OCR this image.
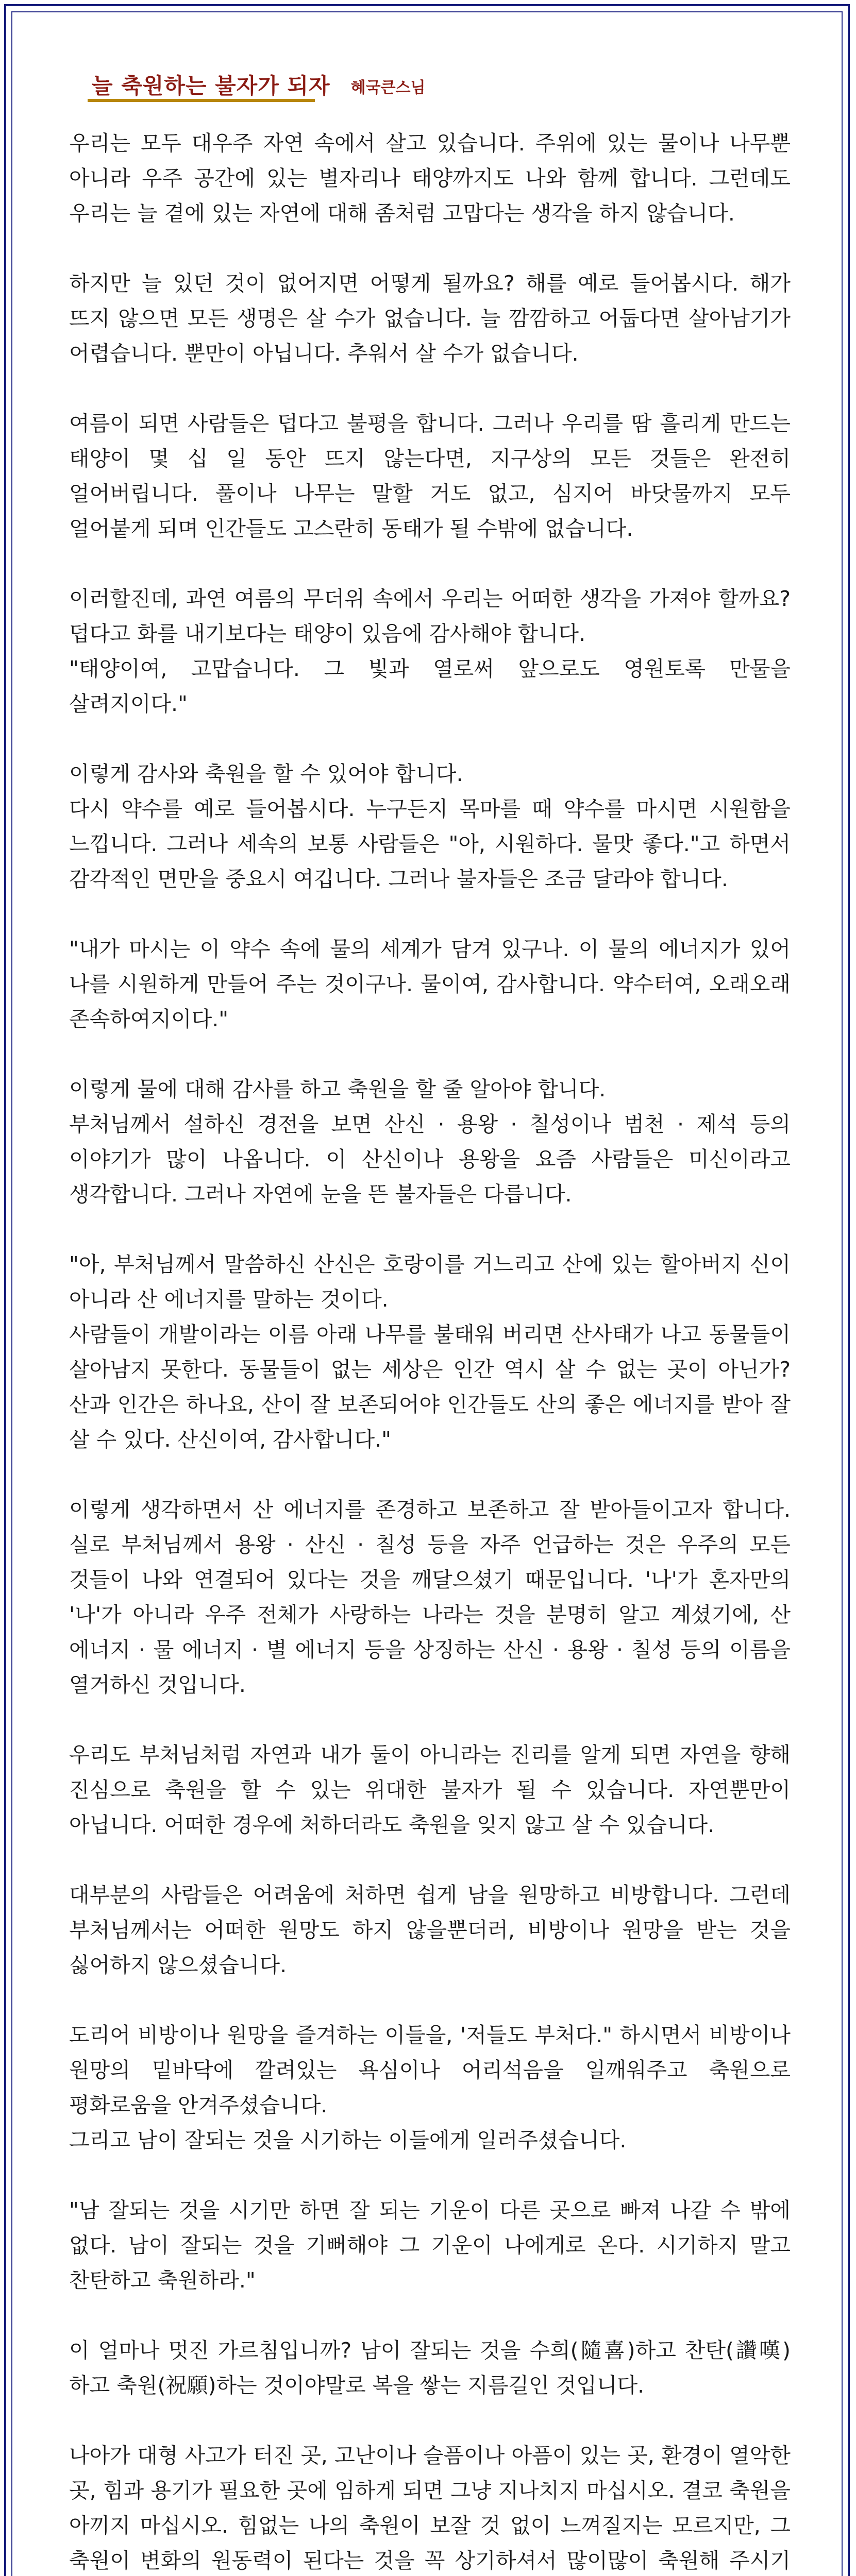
늘 축원하는 불자가 되자 혜국큰스님
우리는 모두 대우주 자연 속에서 살고 있습니다. 주위에 있는 물이나 나무뿐 아니라 우주 공간에 있는 별자리나 태양까지도 나와 함께 합니다. 그런데도 우리는 늘 곁에 있는 자연에 대해 좀처럼 고맙다는 생각을 하지 않습니다.
하지만 늘 있던 것이 없어지면 어떻게 될까요? 해를 예로 들어봅시다. 해가 뜨지 않으면 모든 생명은 살 수가 없습니다. 늘 깜깜하고 어둡다면 살아남기가 어렵습니다. 뿐만이 아닙니다. 추워서 살 수가 없습니다.
여름이 되면 사람들은 덥다고 불평을 합니다. 그러나 우리를 땀 흘리게 만드는 태양이 몇 십 일 동안 뜨지 않는다면, 지구상의 모든 것들은 완전히 얼어버립니다. 풀이나 나무는 말할 거도 없고, 심지어 바닷물까지 모두 얼어붙게 되며 인간들도 고스란히 동태가 될 수밖에 없습니다.
이러할진데, 과연 여름의 무더위 속에서 우리는 어떠한 생각을 가져야 할까요? 덥다고 화를 내기보다는 태양이 있음에 감사해야 합니다.
"태양이여, 고맙습니다. 그 빛과 열로써 앞으로도 영원토록 만물을 살려지이다."
이렇게 감사와 축원을 할 수 있어야 합니다.
다시 약수를 예로 들어봅시다. 누구든지 목마를 때 약수를 마시면 시원함을 느낍니다. 그러나 세속의 보통 사람들은 "아, 시원하다. 물맛 좋다."고 하면서 감각적인 면만을 중요시 여깁니다. 그러나 불자들은 조금 달라야 합니다.
"내가 마시는 이 약수 속에 물의 세계가 담겨 있구나. 이 물의 에너지가 있어 나를 시원하게 만들어 주는 것이구나. 물이여, 감사합니다. 약수터여, 오래오래 존속하여지이다."
이렇게 물에 대해 감사를 하고 축원을 할 줄 알아야 합니다.
부처님께서 설하신 경전을 보면 산신 · 용왕 · 칠성이나 범천 · 제석 등의 이야기가 많이 나옵니다. 이 산신이나 용왕을 요즘 사람들은 미신이라고 생각합니다. 그러나 자연에 눈을 뜬 불자들은 다릅니다.
"아, 부처님께서 말씀하신 산신은 호랑이를 거느리고 산에 있는 할아버지 신이 아니라 산 에너지를 말하는 것이다.
사람들이 개발이라는 이름 아래 나무를 불태워 버리면 산사태가 나고 동물들이 살아남지 못한다. 동물들이 없는 세상은 인간 역시 살 수 없는 곳이 아닌가? 산과 인간은 하나요, 산이 잘 보존되어야 인간들도 산의 좋은 에너지를 받아 잘 살 수 있다. 산신이여, 감사합니다."
이렇게 생각하면서 산 에너지를 존경하고 보존하고 잘 받아들이고자 합니다. 실로 부처님께서 용왕 · 산신 · 칠성 등을 자주 언급하는 것은 우주의 모든 것들이 나와 연결되어 있다는 것을 깨달으셨기 때문입니다. '나'가 혼자만의 '나'가 아니라 우주 전체가 사랑하는 나라는 것을 분명히 알고 계셨기에, 산 에너지 · 물 에너지 · 별 에너지 등을 상징하는 산신 · 용왕 · 칠성 등의 이름을 열거하신 것입니다.
우리도 부처님처럼 자연과 내가 둘이 아니라는 진리를 알게 되면 자연을 향해 진심으로 축원을 할 수 있는 위대한 불자가 될 수 있습니다. 자연뿐만이 아닙니다. 어떠한 경우에 처하더라도 축원을 잊지 않고 살 수 있습니다.
대부분의 사람들은 어려움에 처하면 쉽게 남을 원망하고 비방합니다. 그런데 부처님께서는 어떠한 원망도 하지 않을뿐더러, 비방이나 원망을 받는 것을 싫어하지 않으셨습니다.
도리어 비방이나 원망을 즐겨하는 이들을, '저들도 부처다." 하시면서 비방이나 원망의 밑바닥에 깔려있는 욕심이나 어리석음을 일깨워주고 축원으로 평화로움을 안겨주셨습니다.
그리고 남이 잘되는 것을 시기하는 이들에게 일러주셨습니다.
"남 잘되는 것을 시기만 하면 잘 되는 기운이 다른 곳으로 빠져 나갈 수 밖에 없다. 남이 잘되는 것을 기뻐해야 그 기운이 나에게로 온다. 시기하지 말고 찬탄하고 축원하라."
이 얼마나 멋진 가르침입니까? 남이 잘되는 것을 수희(隨喜)하고 찬탄(讚嘆)하고 축원(祝願)하는 것이야말로 복을 쌓는 지름길인 것입니다.
나아가 대형 사고가 터진 곳, 고난이나 슬픔이나 아픔이 있는 곳, 환경이 열악한 곳, 힘과 용기가 필요한 곳에 임하게 되면 그냥 지나치지 마십시오. 결코 축원을 아끼지 마십시오. 힘없는 나의 축원이 보잘 것 없이 느껴질지는 모르지만, 그 축원이 변화의 원동력이 된다는 것을 꼭 상기하셔서 많이많이 축원해 주시기
